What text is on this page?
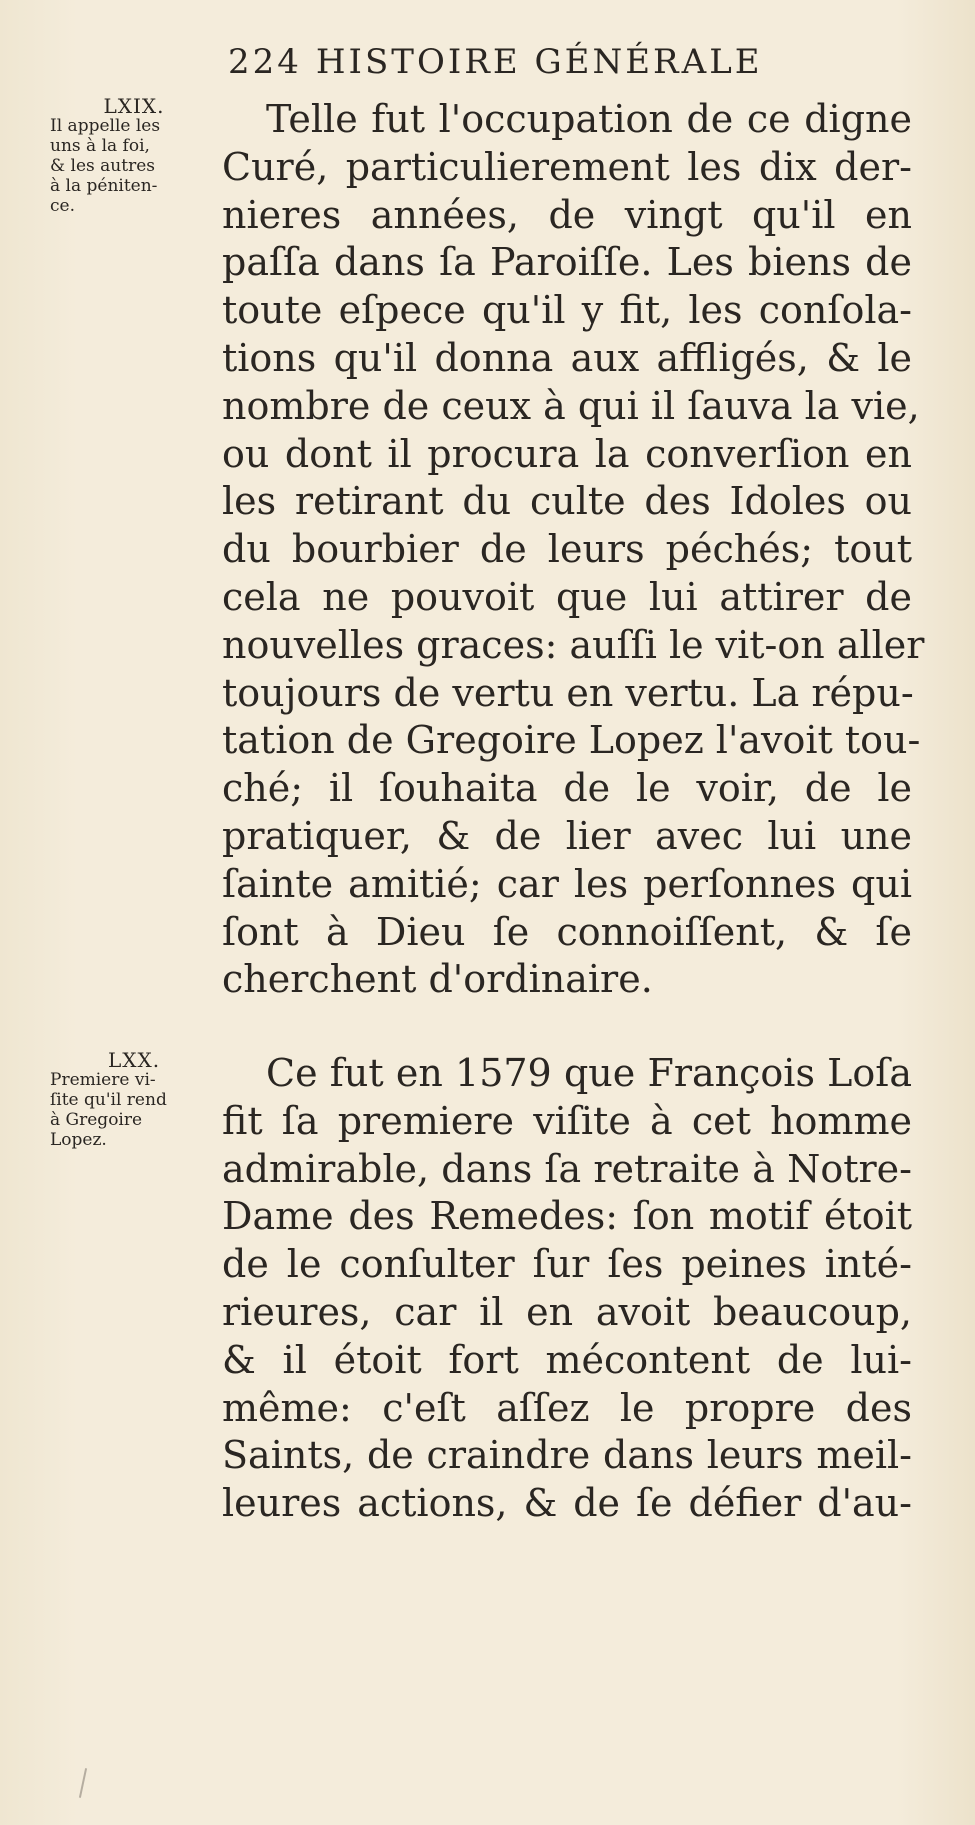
224 HISTOIRE GÉNÉRALE
LXIX.
Il appelle les
uns à la foi,
& les autres
à la péniten-
ce.
Telle fut l'occupation de ce digne
Curé, particulierement les dix der-
nieres années, de vingt qu'il en
paſſa dans ſa Paroiſſe. Les biens de
toute eſpece qu'il y fit, les conſola-
tions qu'il donna aux affligés, & le
nombre de ceux à qui il ſauva la vie,
ou dont il procura la converſion en
les retirant du culte des Idoles ou
du bourbier de leurs péchés; tout
cela ne pouvoit que lui attirer de
nouvelles graces: auſſi le vit-on aller
toujours de vertu en vertu. La répu-
tation de Gregoire Lopez l'avoit tou-
ché; il ſouhaita de le voir, de le
pratiquer, & de lier avec lui une
ſainte amitié; car les perſonnes qui
ſont à Dieu ſe connoiſſent, & ſe
cherchent d'ordinaire.
LXX.
Premiere vi-
ſite qu'il rend
à Gregoire
Lopez.
Ce fut en 1579 que François Loſa
fit ſa premiere viſite à cet homme
admirable, dans ſa retraite à Notre-
Dame des Remedes: ſon motif étoit
de le conſulter ſur ſes peines inté-
rieures, car il en avoit beaucoup,
& il étoit fort mécontent de lui-
même: c'eſt aſſez le propre des
Saints, de craindre dans leurs meil-
leures actions, & de ſe défier d'au-
